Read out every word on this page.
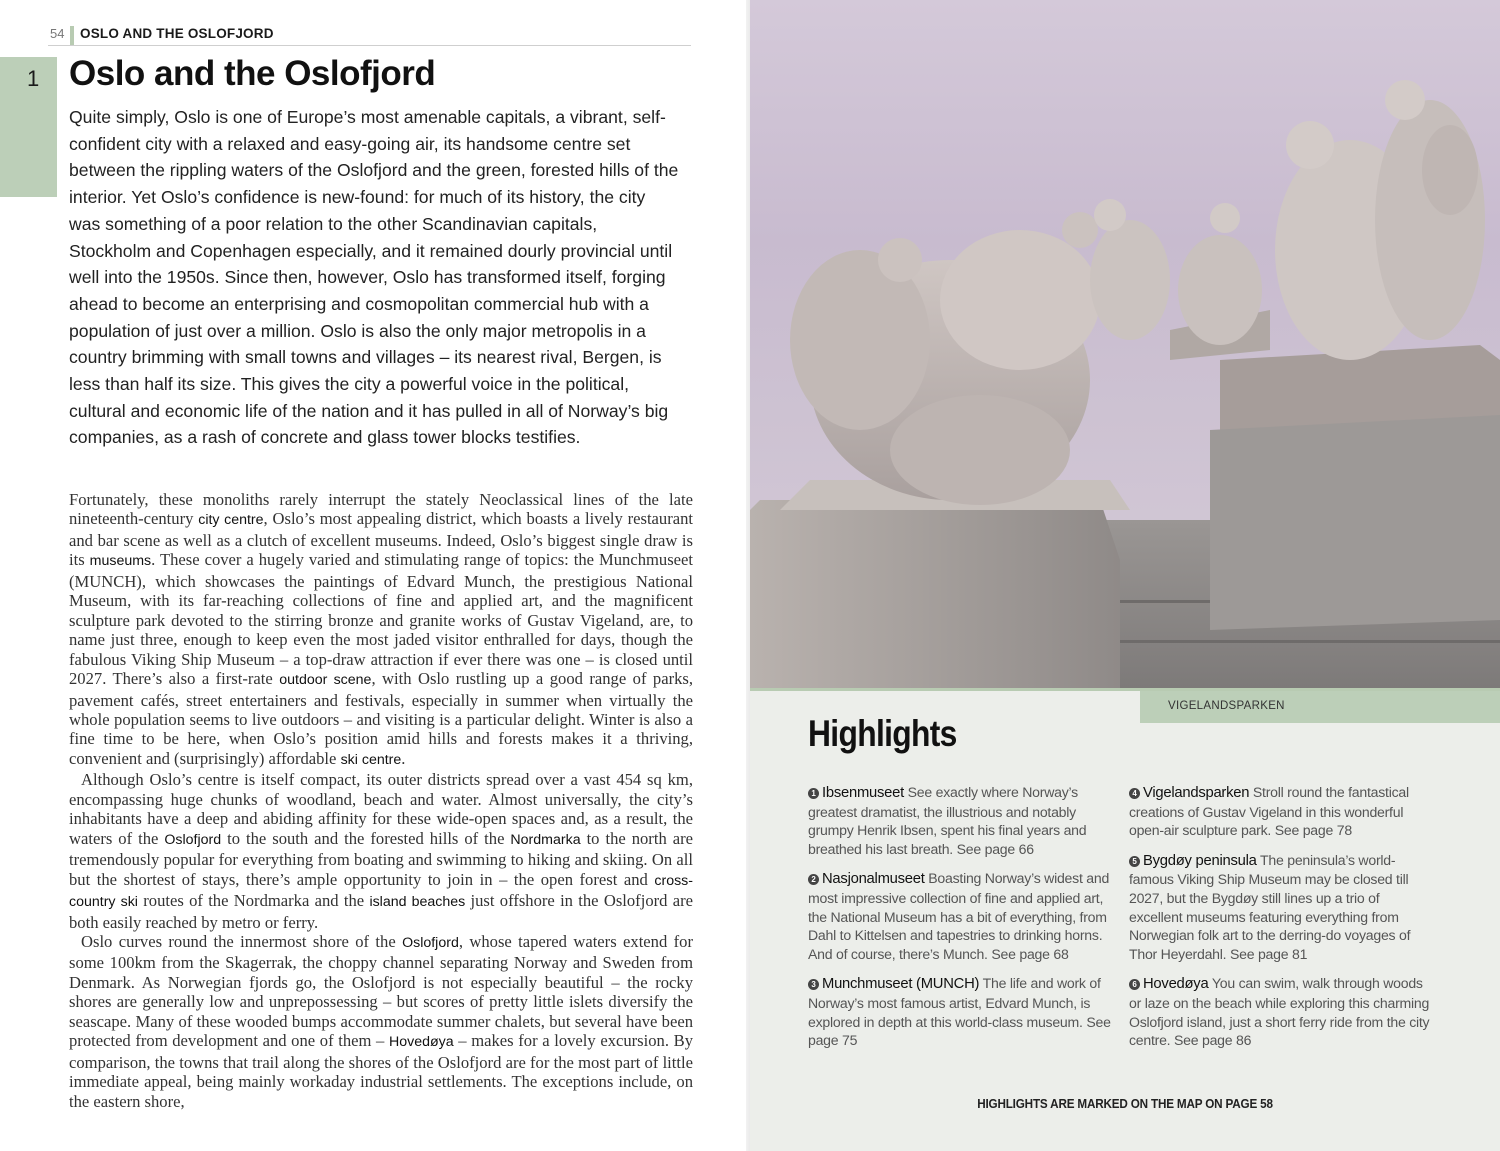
54 OSLO AND THE OSLOFJORD
1 Oslo and the Oslofjord

Quite simply, Oslo is one of Europe’s most amenable capitals, a vibrant, self-confident city with a relaxed and easy-going air, its handsome centre set between the rippling waters of the Oslofjord and the green, forested hills of the interior. Yet Oslo’s confidence is new-found: for much of its history, the city was something of a poor relation to the other Scandinavian capitals, Stockholm and Copenhagen especially, and it remained dourly provincial until well into the 1950s. Since then, however, Oslo has transformed itself, forging ahead to become an enterprising and cosmopolitan commercial hub with a population of just over a million. Oslo is also the only major metropolis in a country brimming with small towns and villages – its nearest rival, Bergen, is less than half its size. This gives the city a powerful voice in the political, cultural and economic life of the nation and it has pulled in all of Norway’s big companies, as a rash of concrete and glass tower blocks testifies.

Fortunately, these monoliths rarely interrupt the stately Neoclassical lines of the late nineteenth-century city centre, Oslo’s most appealing district, which boasts a lively restaurant and bar scene as well as a clutch of excellent museums. Indeed, Oslo’s biggest single draw is its museums. These cover a hugely varied and stimulating range of topics: the Munchmuseet (MUNCH), which showcases the paintings of Edvard Munch, the prestigious National Museum, with its far-reaching collections of fine and applied art, and the magnificent sculpture park devoted to the stirring bronze and granite works of Gustav Vigeland, are, to name just three, enough to keep even the most jaded visitor enthralled for days, though the fabulous Viking Ship Museum – a top-draw attraction if ever there was one – is closed until 2027. There’s also a first-rate outdoor scene, with Oslo rustling up a good range of parks, pavement cafés, street entertainers and festivals, especially in summer when virtually the whole population seems to live outdoors – and visiting is a particular delight. Winter is also a fine time to be here, when Oslo’s position amid hills and forests makes it a thriving, convenient and (surprisingly) affordable ski centre.

Although Oslo’s centre is itself compact, its outer districts spread over a vast 454 sq km, encompassing huge chunks of woodland, beach and water. Almost universally, the city’s inhabitants have a deep and abiding affinity for these wide-open spaces and, as a result, the waters of the Oslofjord to the south and the forested hills of the Nordmarka to the north are tremendously popular for everything from boating and swimming to hiking and skiing. On all but the shortest of stays, there’s ample opportunity to join in – the open forest and cross-country ski routes of the Nordmarka and the island beaches just offshore in the Oslofjord are both easily reached by metro or ferry.

Oslo curves round the innermost shore of the Oslofjord, whose tapered waters extend for some 100km from the Skagerrak, the choppy channel separating Norway and Sweden from Denmark. As Norwegian fjords go, the Oslofjord is not especially beautiful – the rocky shores are generally low and unprepossessing – but scores of pretty little islets diversify the seascape. Many of these wooded bumps accommodate summer chalets, but several have been protected from development and one of them – Hovedøya – makes for a lovely excursion. By comparison, the towns that trail along the shores of the Oslofjord are for the most part of little immediate appeal, being mainly workaday industrial settlements. The exceptions include, on the eastern shore,

VIGELANDSPARKEN
Highlights
1 Ibsenmuseet See exactly where Norway’s greatest dramatist, the illustrious and notably grumpy Henrik Ibsen, spent his final years and breathed his last breath. See page 66
2 Nasjonalmuseet Boasting Norway’s widest and most impressive collection of fine and applied art, the National Museum has a bit of everything, from Dahl to Kittelsen and tapestries to drinking horns. And of course, there’s Munch. See page 68
3 Munchmuseet (MUNCH) The life and work of Norway’s most famous artist, Edvard Munch, is explored in depth at this world-class museum. See page 75
4 Vigelandsparken Stroll round the fantastical creations of Gustav Vigeland in this wonderful open-air sculpture park. See page 78
5 Bygdøy peninsula The peninsula’s world-famous Viking Ship Museum may be closed till 2027, but the Bygdøy still lines up a trio of excellent museums featuring everything from Norwegian folk art to the derring-do voyages of Thor Heyerdahl. See page 81
6 Hovedøya You can swim, walk through woods or laze on the beach while exploring this charming Oslofjord island, just a short ferry ride from the city centre. See page 86
HIGHLIGHTS ARE MARKED ON THE MAP ON PAGE 58
